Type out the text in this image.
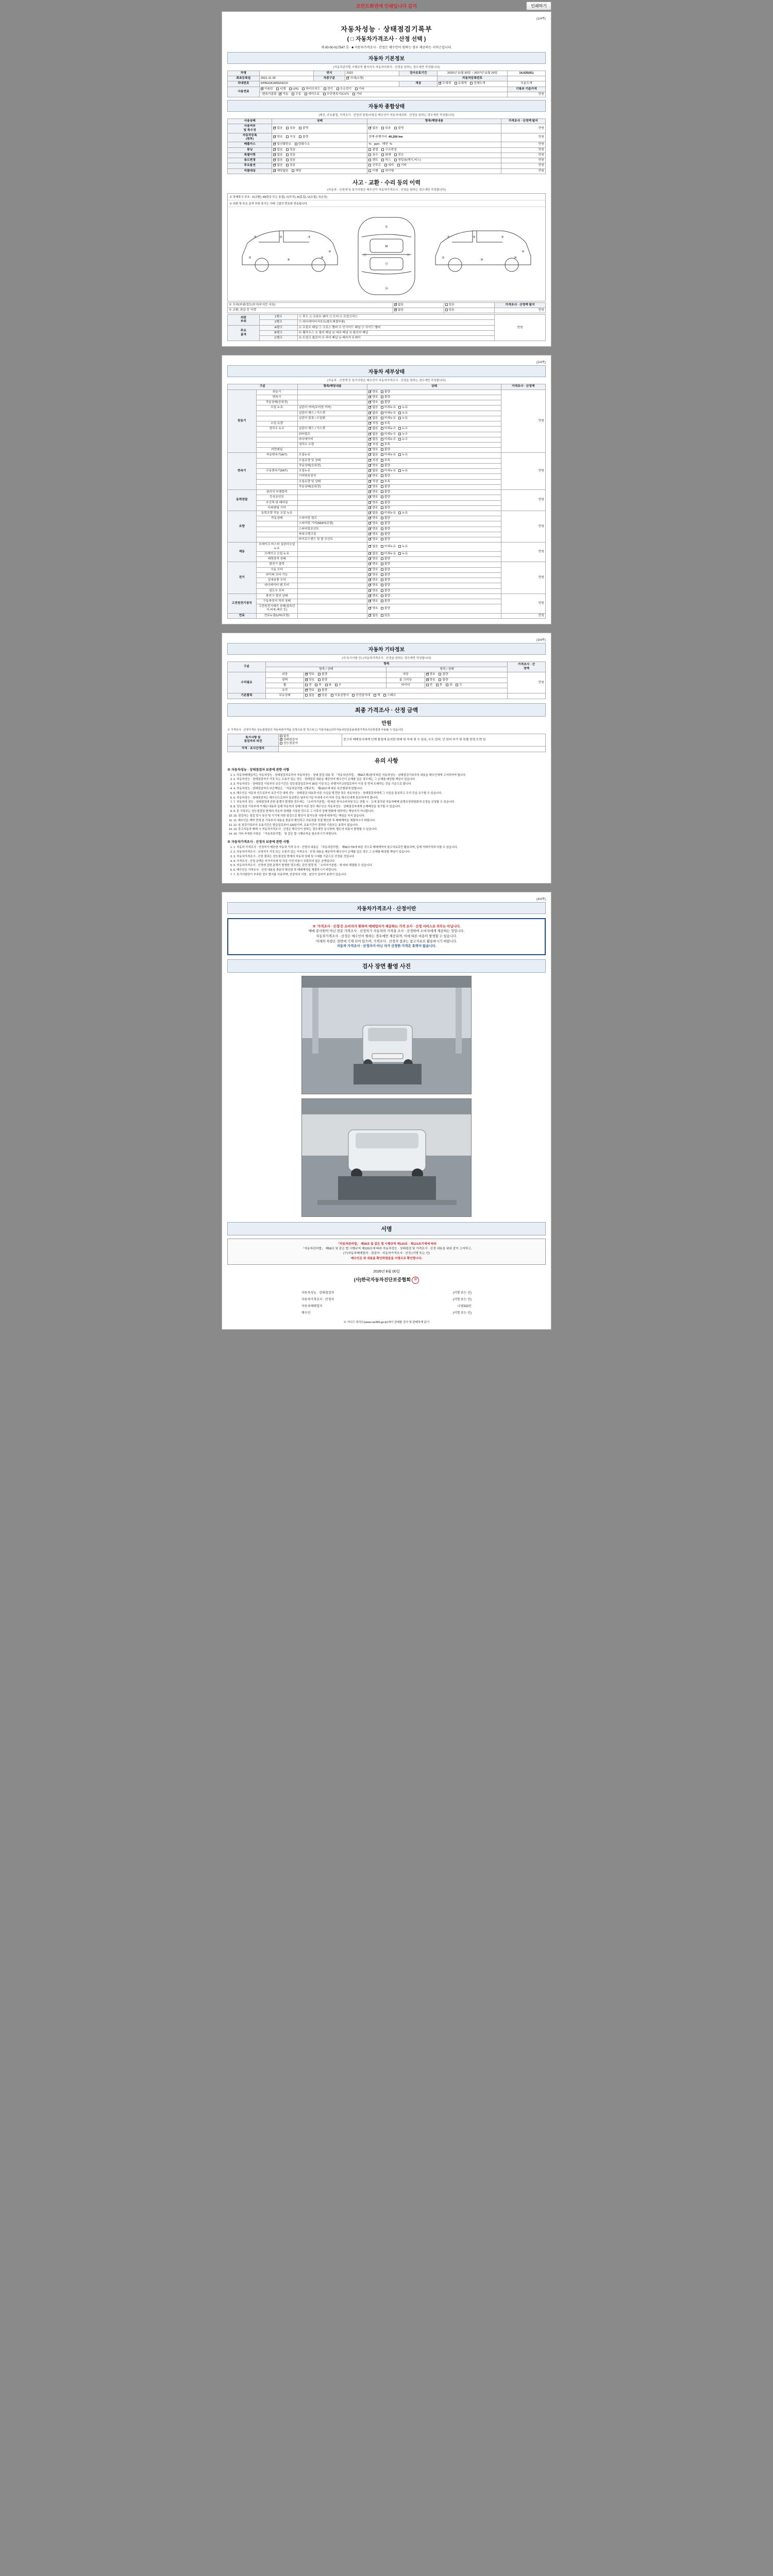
프린트화면에 인쇄입니다 감지	인쇄하기
(1/4쪽)
자동차성능 · 상태점검기록부
( □ 자동차가격조사 · 산정 선택 )
제 00-00-017547 호   ■ 자동차가격조사 · 산정은 매수인이 원하는 경우 제공하는 서비스입니다.
자동차 기본정보
(자동차관리법 시행규칙 별지서식 자동차의뢰서 · 산정을 원하는 경우에만 작성합니다)
차명		연식	2022	검사유효기간	2025년 11월 30일 ~ 2027년 11월 29일	14,625(91)
최초등록일	2021-11-30	차종구분	✓국내(소형)		자동차등록번호	
차대번호	KPBH0A1MFEN01O			색상	✓무채색 유채색 전체도색	부분도색
사용연료	✓가솔린 디젤 LPG 하이브리드 전기 수소전기 기타					기록부 기준가격
	변속기종류 ✓ 자동 수동 세미오토 무단변속기(CVT) 기타					만원
자동차 종합상태
(제공, 주요품질, 가격조사 · 산정의 항목/사항은 매수인이 자동차에의뢰 · 산정을 원하는 경우에만 작성합니다)
사용상태	상태	항목/해당내용	가격조사 · 산정액 탐지
사용여부
및 특수성	✓없음 있음 불명	✓없음 있음 불명	만원
자동차등록
(원부)	✓양호 이상 불량	현재 주행거리  40,200 km	만원
배출가스	✓일산화탄소 탄화수소	%   ppm   매연  %	만원
튜닝	✓없음 있음	불법 구조변경	만원
특별이력	✓없음 있음	침수 화재 전손	만원
용도변경	✓없음 있음	렌트 리스 영업용(택시,버스)	만원
주요옵션	✓없음 있음	선루프 네비 기타	만원
리콜대상	✓해당없음 해당	이행 미이행	만원
사고 · 교환 · 수리 등의 이력
(자동차 · 산정에 및 특기사항은 매수인이 자동차가격조사 · 산정을 원하는 경우에만 작성합니다)
※ 상태표시 부호 : X(교환), W(판금 또는 용접), C(부식), A(흠집), U(요철), T(손상)
※ 외판 및 주요 골격 부위 표기는 아래 그림의 번호와 연동됩니다.
③	③	③
④
②
⑨
⑩
①
M
⑬
⑭
⑪	⑪
③	③	③
④
②
⑨
⑩
※ 수리(부위/정도/부식/부식등 사유)	✓없음	있음	가격조사 · 산정액 탐지
※ 교환, 판금 등 이력	✓없음	있음	만원
외판
부위	1랭크	① 후드 ② 프론트 펜더 ③ 도어 ④ 트렁크리드	만원
	2랭크	⑤ 라디에이터서포트(볼트체결부품)	
주요
골격	A랭크	⑥ 프론트 패널 ⑦ 크로스 멤버 ⑧ 인사이드 패널 ⑨ 사이드 멤버	
	B랭크	⑩ 휠하우스 ⑪ 필러 패널 ⑫ 대쉬 패널 ⑬ 플로어 패널	
	C랭크	⑭ 트렁크 플로어 ⑮ 리어 패널 ⑯ 패키지 트레이	
(2/4쪽)
자동차 세부상태
(자동차 · 산정액 등 특기사항은 매수인이 자동차가격조사 · 산정을 원하는 경우에만 작성합니다)
구분		항목/해당내용	상태	가격조사 · 산정액
원동기	원동기		✓양호 불량	만원
	변속기		✓양호 불량
	작동상태(공회전)		✓양호 불량
	오일 누유	실린더 커버(로커암 커버)	✓없음 미세누유 누유
		실린더 헤드 / 가스켓	✓없음 미세누유 누유
		실린더 블록 / 오일팬	✓없음 미세누유 누유
	오일 유량		✓적정 부족
	냉각수 누수	실린더 헤드 / 가스켓	✓없음 미세누수 누수
		워터펌프	✓없음 미세누수 누수
		라디에이터	✓없음 미세누수 누수
		냉각수 수량	✓적정 부족
	커먼레일		✓양호 불량
변속기	자동변속기(A/T)	오일누유	✓없음 미세누유 누유	만원
		오일유량 및 상태	✓적정 부족
		작동상태(공회전)	✓양호 불량
	수동변속기(M/T)	오일누유	✓없음 미세누유 누유
		기어변속장치	✓양호 불량
		오일유량 및 상태	✓적정 부족
		작동상태(공회전)	✓양호 불량
동력전달	클러치 어셈블리		✓양호 불량	만원
	등속죠인트		✓양호 불량
	추진축 및 베어링		✓양호 불량
	디퍼렌셜 기어		✓양호 불량
조향	동력조향 작동 오일 누유		✓없음 미세누유 누유	만원
	작동상태	스티어링 펌프	✓양호 불량
		스티어링 기어(MDPS포함)	✓양호 불량
		스티어링조인트	✓양호 불량
		파워크랭크집	✓양호 불량
		타이로드엔드 및 볼 조인트	✓양호 불량
제동	브레이크 마스터 실린더오일 누유		✓없음 미세누유 누유	만원
	브레이크 오일 누유		✓없음 미세누유 누유
	배력장치 상태		✓양호 불량
전기	발전기 출력		✓양호 불량	만원
	시동 모터		✓양호 불량
	와이퍼 모터 기능		✓양호 불량
	실내송풍 모터		✓양호 불량
	라디에이터 팬 모터		✓양호 불량
	윈도우 모터		✓양호 불량
고전원전기장치	충전구 절연 상태		✓양호 불량	만원
	구동축전지 격리 상태		✓양호 불량
	고전원전기배선 상태(접속단자,피복,배선 등)		✓양호 불량
연료	연료누출(LPG포함)		✓없음 있음	만원
(3/4쪽)
자동차 기타정보
(자 특기사항 등) (자동차가격조사 · 산정을 원하는 경우에만 작성합니다)
구분	항목				가격조사 · 산
정액
	항목 / 상태		항목 / 상태		
수리필요	외장	✓양호 불량	내장	✓양호 불량	만원
	광택	✓양호 불량	룸 크리닝	✓양호 불량
	휠	전 후 좌 우	타이어	전 후 좌 우	
	유리	✓양호 불량
기본품목	보유상태	없음 ✓ 있음 사용설명서 안전삼각대 잭 스패너	
최종 가격조사 · 산정 금액
만원
※ 가격조사 · 산정가격은 성능점검일의 자동차관가격을 산정으로 한 것으로 ( ) 기술사용( )의무자동차인단중용점검가격조사산정결과 사용될 수 있습니다.
특기사항 및
점검자의 의견	없음
✓상태점검자
성능점검자	중고차 매매상사에게 인해 품질에 문의한 판매 및 부대 및 수 있음, 수도 있다, 안 있어 부가 및 특별 한정 도면 임
가격 · 조사산정자		
유의 사항
※ 자동차성능 · 상태점검자 보증에 관한 사항
1. 1. 자동차매매업자는 자동차성능 · 상태점검자로부터 자동차성능 · 상태 점검 내용 및 「자동차관리법」 제58조제1항에 따른 자동차성능 · 상태점검기록부의 내용을 매수인에게 고지하여야 합니다.
2. 2. 자동차성능 · 상태점검자가 거짓 또는 오류가 있는 성능 · 상태점검 내용을 제공하여 매수인이 손해를 입은 경우에는 그 손해를 배상할 책임이 있습니다.
3. 3. 자동차성능 · 상태점검 기록부의 보증기간은 성능점검일로부터 30일 이상 또는 주행거리 2천킬로미터 이상 중 먼저 도래하는 것을 기준으로 합니다.
4. 4. 자동차성능 · 상태점검자의 보증책임은 「자동차관리법 시행규칙」 제120조에 따른 보증범위에 한합니다.
5. 5. 매수인은 자동차 인도일부터 보증기간 내에 성능 · 상태점검 내용과 다른 사실을 발견한 경우 자동차성능 · 상태점검자에게 그 사실을 통보하고 수리 등을 요구할 수 있습니다.
6. 6. 자동차성능 · 상태점검자는 매수인으로부터 통보받은 날부터 7일 이내에 수리 여부 등을 매수인에게 통보하여야 합니다.
7. 7. 자동차의 성능 · 상태점검에 관한 분쟁이 발생한 경우에는 「소비자기본법」에 따른 한국소비자원 또는 관할 시 · 도에 설치된 자동차매매 분쟁조정위원회에 조정을 신청할 수 있습니다.
8. 8. 성능점검 기록부에 기재된 내용과 실제 자동차의 상태가 다른 경우 매수인은 자동차성능 · 상태점검자에게 손해배상을 청구할 수 있습니다.
9. 9. 본 기록부는 성능점검일 현재의 자동차 상태를 기록한 것으로 그 이후의 상태 변화에 대하여는 책임지지 아니합니다.
10. 10. 점검자는 점검 당시 육안 및 기기에 의한 점검으로 확인이 불가능한 사항에 대하여는 책임을 지지 않습니다.
11. 11. 매수인은 계약 전에 본 기록부의 내용을 충분히 확인하고 자동차를 직접 확인한 후 매매계약을 체결하시기 바랍니다.
12. 12. 본 점검기록부의 유효기간은 발급일로부터 120일이며, 유효기간이 경과한 기록부는 효력이 없습니다.
13. 13. 중고자동차 매매 시 자동차가격조사 · 산정은 매수인이 원하는 경우에만 실시하며, 별도의 비용이 발생할 수 있습니다.
14. 14. 기타 자세한 사항은 「자동차관리법」 및 같은 법 시행규칙을 참조하시기 바랍니다.
※ 자동차가격조사 · 산정자 보증에 관한 사항
1. 1. 자동차 가격조사 · 산정자가 제공한 자동차 가격 조사 · 산정의 내용은 「자동차관리법」 제58조의4에 따른 것으로 매매계약의 참고자료로만 활용되며, 실제 거래가격과 다를 수 있습니다.
2. 2. 자동차가격조사 · 산정자가 거짓 또는 오류가 있는 가격조사 · 산정 내용을 제공하여 매수인이 손해를 입은 경우 그 손해를 배상할 책임이 있습니다.
3. 3. 자동차가격조사 · 산정 결과는 성능점검일 현재의 자동차 상태 및 시세를 기준으로 산정된 것입니다.
4. 4. 가격조사 · 산정 금액은 부가가치세 및 각종 이전 비용이 포함되지 않은 금액입니다.
5. 5. 자동차가격조사 · 산정에 관한 분쟁이 발생한 경우에는 관련 법령 및 「소비자기본법」에 따라 해결할 수 있습니다.
6. 6. 매수인은 가격조사 · 산정 내용을 충분히 확인한 후 매매계약을 체결하시기 바랍니다.
7. 7. 특기사항란이 부족한 경우 별지를 사용하며, 산정자의 서명 · 날인이 있어야 효력이 있습니다.
(4/4쪽)
자동차가격조사 · 산정이란
※ '가격조사 · 산정'은 소비자가 원하여 매매업자가 제공하는 가격 조사 · 산정 서비스로 의무는 아닙니다.
매매 종사원이 아닌 전문 가격조사 · 산정자가 자동차의 가격을 조사 · 산정하여 소비자에게 제공하는 것입니다.
자동차가격조사 · 산정은 매수인이 원하는 경우에만 제공되며, 이에 따른 비용이 발생할 수 있습니다.
아래의 차량은 전면에 기재 되어 있으며, 가격조사 · 산정의 결과는 참고자료로 활용하시기 바랍니다.
자동차 가격조사 · 산정자가 아닌 자가 산정한 가격은 효력이 없습니다.
검사 장면 촬영 사진
서명
「자동차관리법」 제58조 및 같은 법 시행규칙 제120조 · 제121조기재에 따라
「자동차관리법」 제58조 및 같은 법 시행규칙 제120조에 따라 자동차성능 · 상태점검 및 가격조사 · 산정 내용을 위와 같이 고지하고,
(구)자동차매매업자 · 점검자 · 자동차가격조사 · 산정 (서명 또는 인)
매수인은 위 내용을 확인하였음을 서명으로 확인합니다.
2026년 8월 00일
(사)한국자동차진단보증협회 印
자동차성능 · 상태점검자	(서명 또는 인)
자동차가격조사 · 산정자	(서명 또는 인)
자동차매매업자	나영333인
매수인	(서명 또는 인)
※ 가디드 위치도(www.car365.go.kr)에서 상태를 검사 및 판매하계 된기
